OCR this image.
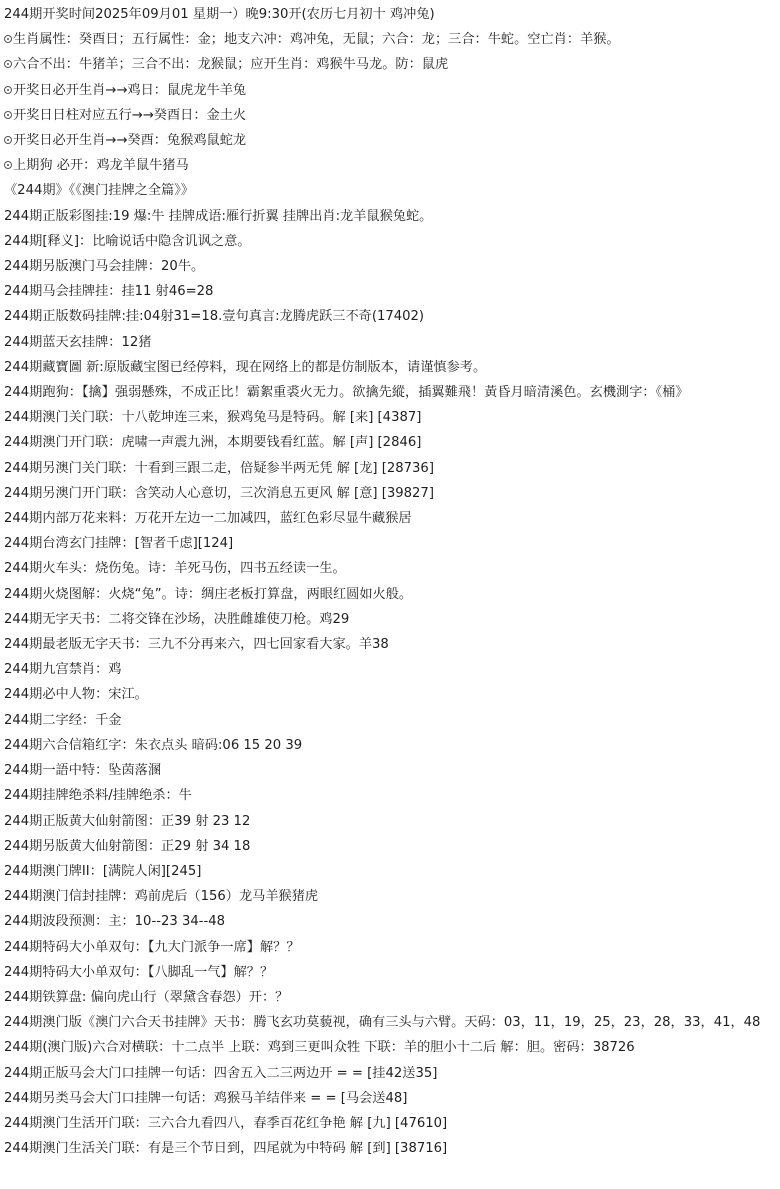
244期开奖时间2025年09月01 星期一）晚9:30开(农历七月初十 鸡冲兔)
生肖属性：癸酉日；五行属性：金；地支六冲：鸡冲兔，无鼠；六合：龙；三合：牛蛇。空亡肖：羊猴。
六合不出：牛猪羊；三合不出：龙猴鼠；应开生肖：鸡猴牛马龙。防：鼠虎
开奖日必开生肖→→鸡日：鼠虎龙牛羊兔
开奖日日柱对应五行→→癸酉日：金土火
开奖日必开生肖→→癸酉：兔猴鸡鼠蛇龙
上期狗 必开：鸡龙羊鼠牛猪马
《244期》《《澳门挂牌之全篇》》
244期正版彩图挂:19 爆:牛 挂牌成语:雁行折翼 挂牌出肖:龙羊鼠猴兔蛇。
244期[释义]：比喻说话中隐含讥讽之意。
244期另版澳门马会挂牌：20牛。
244期马会挂牌挂：挂11 射46=28
244期正版数码挂牌:挂:04射31=18.壹句真言:龙腾虎跃三不奇(17402)
244期蓝天玄挂牌：12猪
244期藏寶圖 新:原版藏宝图已经停料，现在网络上的都是仿制版本，请谨慎参考。
244期跑狗：【擒】强弱懸殊，不成正比！霸絮重裘火无力。欲擒先縱，插翼難飛！黃昏月暗清溪色。玄機測字：《桶》
244期澳门关门联：十八乾坤连三来，猴鸡兔马是特码。解 [来] [4387]
244期澳门开门联：虎啸一声震九洲，本期要钱看红蓝。解 [声] [2846]
244期另澳门关门联：十看到三跟二走，倍疑参半两无凭 解 [龙] [28736]
244期另澳门开门联：含笑动人心意切，三次消息五更风 解 [意] [39827]
244期内部万花来料：万花开左边一二加减四，蓝红色彩尽显牛藏猴居
244期台湾玄门挂牌：[智者千虑][124]
244期火车头：烧伤兔。诗：羊死马伤，四书五经读一生。
244期火烧图解：火烧“兔”。诗：绸庄老板打算盘，两眼红圆如火般。
244期无字天书：二将交锋在沙场，决胜雌雄使刀枪。鸡29
244期最老版无字天书：三九不分再来六，四七回家看大家。羊38
244期九宫禁肖：鸡
244期必中人物：宋江。
244期二字经：千金
244期六合信箱红字：朱衣点头 暗码:06 15 20 39
244期一語中特：坠茵落溷
244期挂牌绝杀料/挂牌绝杀：牛
244期正版黄大仙射箭图：正39 射 23 12
244期另版黄大仙射箭图：正29 射 34 18
244期澳门牌II：[满院人闲][245]
244期澳门信封挂牌：鸡前虎后（156）龙马羊猴猪虎
244期波段预测：主：10--23 34--48
244期特码大小单双句：【九大门派争一席】解？？
244期特码大小单双句：【八脚乱一气】解？？
244期铁算盘: 偏向虎山行（翠黛含春怨）开：？
244期澳门版《澳门六合天书挂牌》天书：腾飞玄功莫藐视，确有三头与六臂。天码：03，11，19，25，23，28，33，41，48
244期(澳门版)六合对横联：十二点半 上联：鸡到三更叫众牲 下联：羊的胆小十二后 解：胆。密码：38726
244期正版马会大门口挂牌一句话：四舍五入二三两边开 = = [挂42送35]
244期另类马会大门口挂牌一句话：鸡猴马羊结伴来 = = [马会送48]
244期澳门生活开门联：三六合九看四八，春季百花红争艳 解 [九] [47610]
244期澳门生活关门联：有是三个节日到，四尾就为中特码 解 [到] [38716]
